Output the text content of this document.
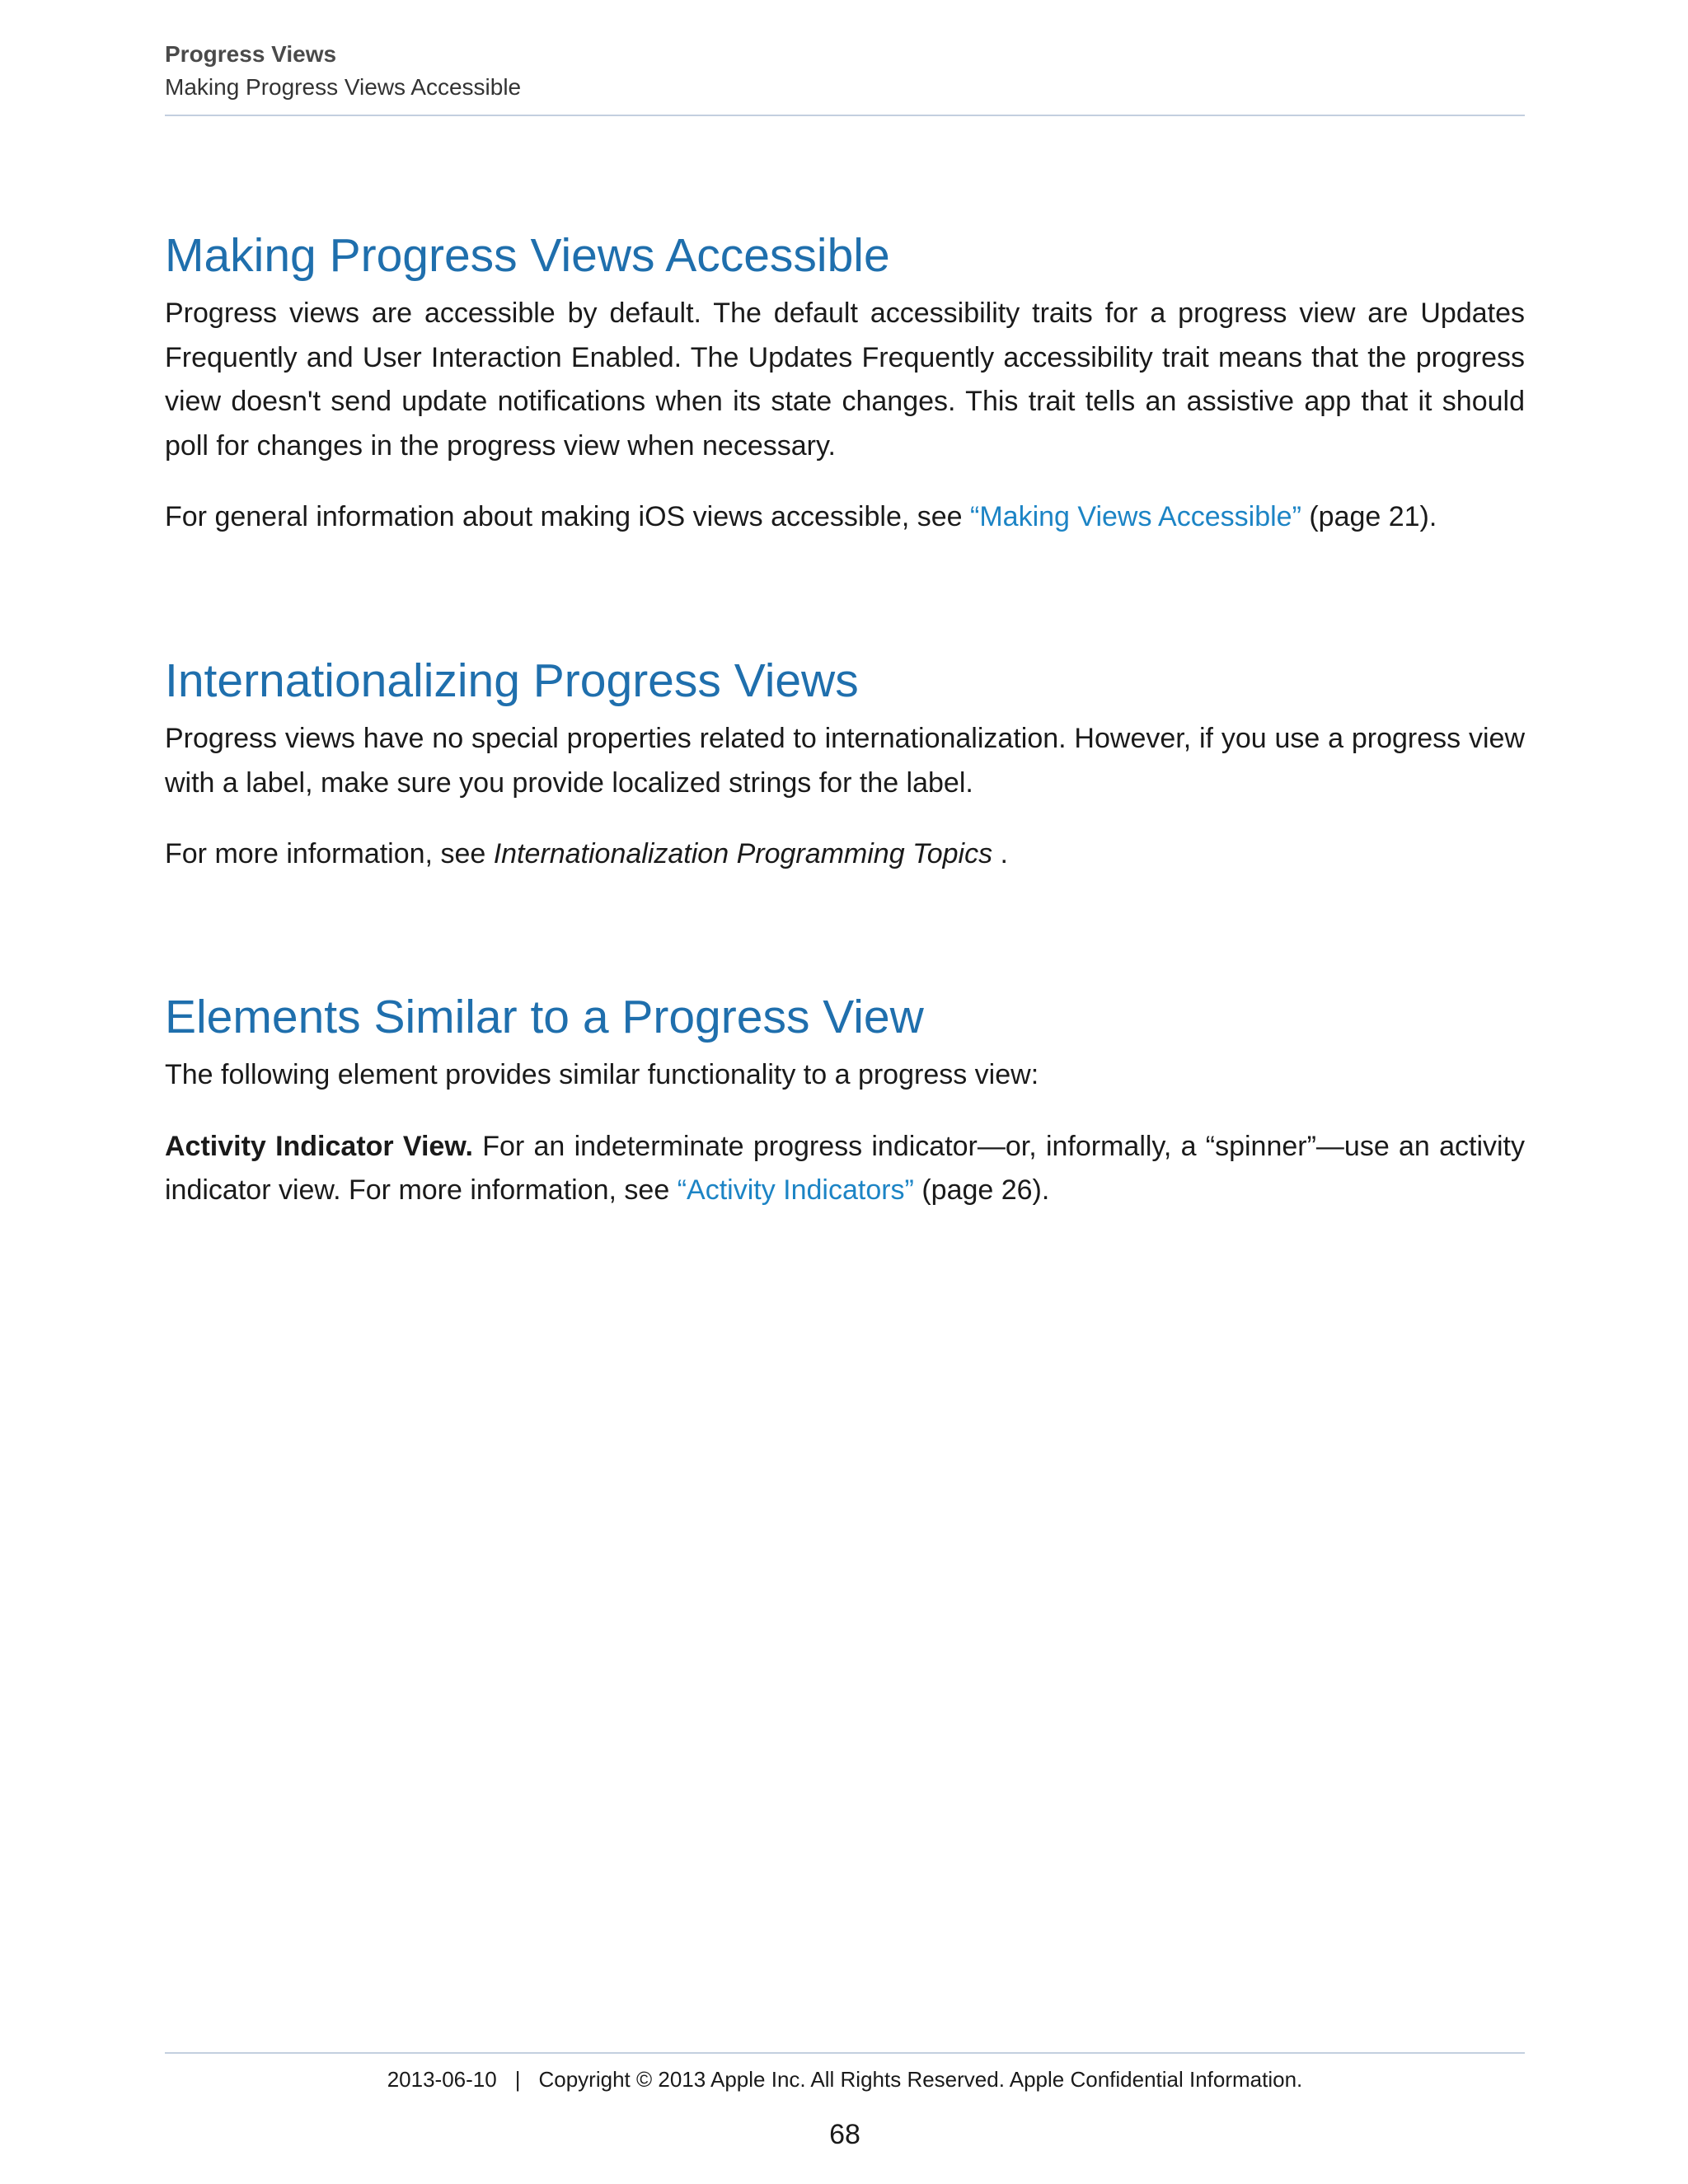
Progress Views
Making Progress Views Accessible
Making Progress Views Accessible

Progress views are accessible by default. The default accessibility traits for a progress view are Updates Frequently and User Interaction Enabled. The Updates Frequently accessibility trait means that the progress view doesn't send update notifications when its state changes. This trait tells an assistive app that it should poll for changes in the progress view when necessary.

For general information about making iOS views accessible, see “Making Views Accessible” (page 21).

Internationalizing Progress Views

Progress views have no special properties related to internationalization. However, if you use a progress view with a label, make sure you provide localized strings for the label.

For more information, see Internationalization Programming Topics .

Elements Similar to a Progress View

The following element provides similar functionality to a progress view:

Activity Indicator View. For an indeterminate progress indicator—or, informally, a “spinner”—use an activity indicator view. For more information, see “Activity Indicators” (page 26).

2013-06-10 | Copyright © 2013 Apple Inc. All Rights Reserved. Apple Confidential Information.
68
